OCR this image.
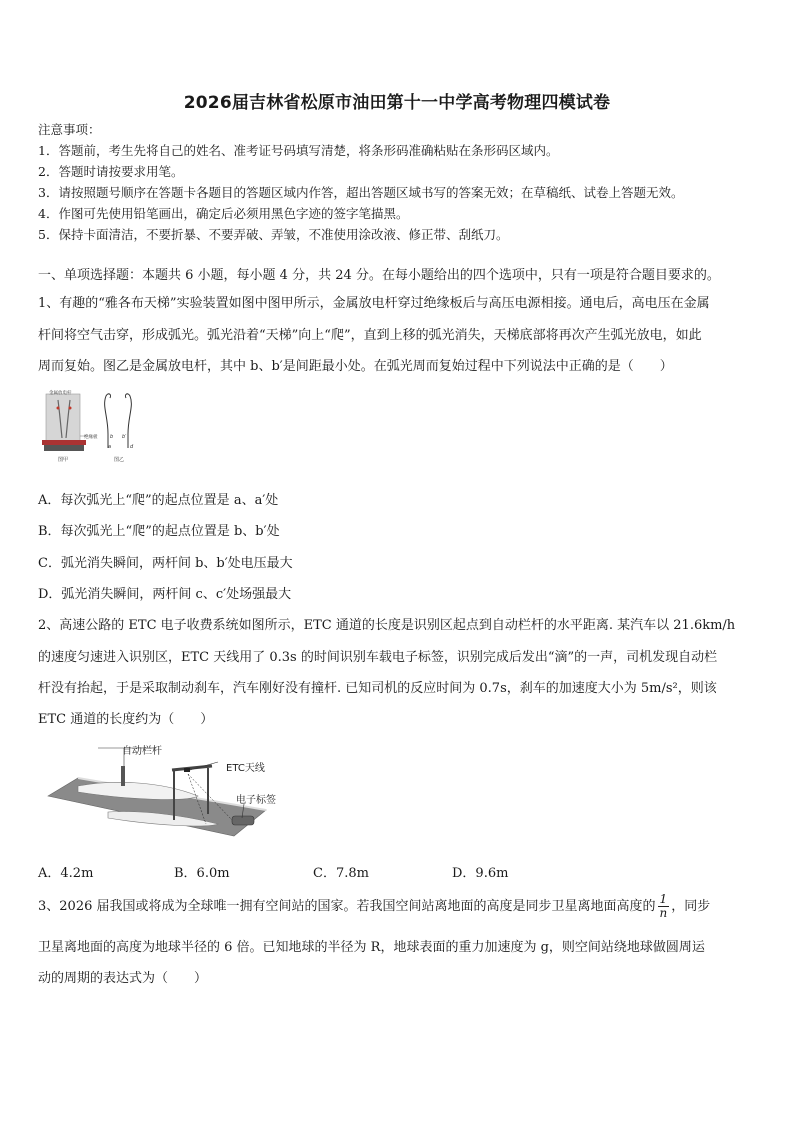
2026届吉林省松原市油田第十一中学高考物理四模试卷
注意事项：
1．答题前，考生先将自己的姓名、准考证号码填写清楚，将条形码准确粘贴在条形码区域内。
2．答题时请按要求用笔。
3．请按照题号顺序在答题卡各题目的答题区域内作答，超出答题区域书写的答案无效；在草稿纸、试卷上答题无效。
4．作图可先使用铅笔画出，确定后必须用黑色字迹的签字笔描黑。
5．保持卡面清洁，不要折暴、不要弄破、弄皱，不准使用涂改液、修正带、刮纸刀。
一、单项选择题：本题共 6 小题，每小题 4 分，共 24 分。在每小题给出的四个选项中，只有一项是符合题目要求的。
1、有趣的“雅各布天梯”实验装置如图中图甲所示，金属放电杆穿过绝缘板后与高压电源相接。通电后，高电压在金属
杆间将空气击穿，形成弧光。弧光沿着“天梯”向上“爬”，直到上移的弧光消失，天梯底部将再次产生弧光放电，如此
周而复始。图乙是金属放电杆，其中 b、b′是间距最小处。在弧光周而复始过程中下列说法中正确的是（　　）
金属放电杆
绝缘板
图甲
b b′
a	d
图乙
A．每次弧光上“爬”的起点位置是 a、a′处
B．每次弧光上“爬”的起点位置是 b、b′处
C．弧光消失瞬间，两杆间 b、b′处电压最大
D．弧光消失瞬间，两杆间 c、c′处场强最大
2、高速公路的 ETC 电子收费系统如图所示，ETC 通道的长度是识别区起点到自动栏杆的水平距离. 某汽车以 21.6km/h
的速度匀速进入识别区，ETC 天线用了 0.3s 的时间识别车载电子标签，识别完成后发出“滴”的一声，司机发现自动栏
杆没有抬起，于是采取制动刹车，汽车刚好没有撞杆. 已知司机的反应时间为 0.7s，刹车的加速度大小为 5m/s²，则该
ETC 通道的长度约为（　　）
自动栏杆
ETC天线
电子标签
A．4.2m	B．6.0m	C．7.8m	D．9.6m
3、2026 届我国或将成为全球唯一拥有空间站的国家。若我国空间站离地面的高度是同步卫星离地面高度的 $\frac{1}{n}$ ，同步
卫星离地面的高度为地球半径的 6 倍。已知地球的半径为 R，地球表面的重力加速度为 g，则空间站绕地球做圆周运
动的周期的表达式为（　　）
